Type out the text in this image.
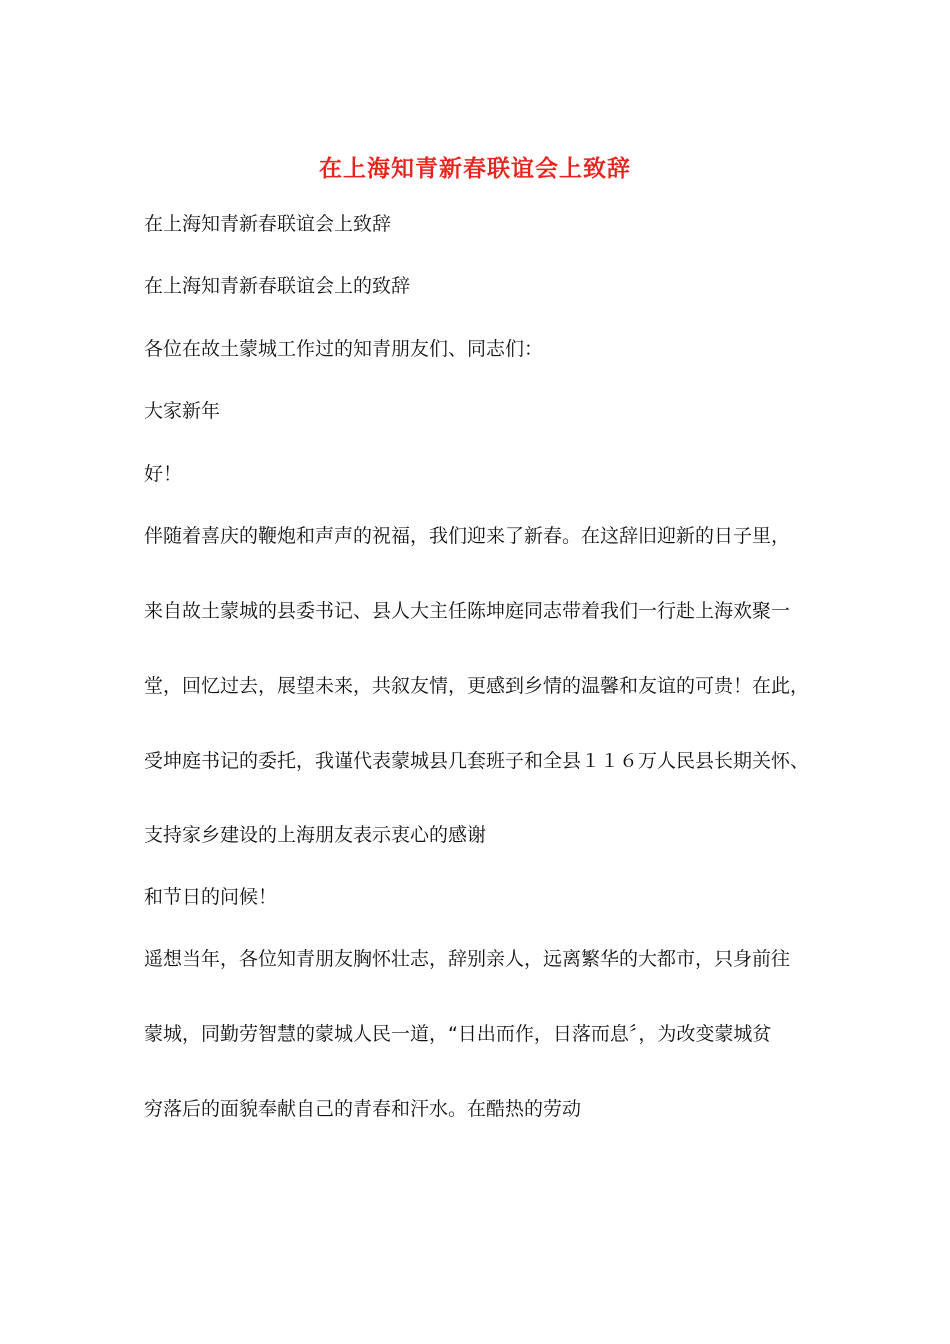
在上海知青新春联谊会上致辞
在上海知青新春联谊会上致辞
在上海知青新春联谊会上的致辞
各位在故土蒙城工作过的知青朋友们、同志们：
大家新年
好！
伴随着喜庆的鞭炮和声声的祝福，我们迎来了新春。在这辞旧迎新的日子里，
来自故土蒙城的县委书记、县人大主任陈坤庭同志带着我们一行赴上海欢聚一
堂，回忆过去，展望未来，共叙友情，更感到乡情的温馨和友谊的可贵！在此，
受坤庭书记的委托，我谨代表蒙城县几套班子和全县１１６万人民县长期关怀、
支持家乡建设的上海朋友表示衷心的感谢
和节日的问候！
遥想当年，各位知青朋友胸怀壮志，辞别亲人，远离繁华的大都市，只身前往
蒙城，同勤劳智慧的蒙城人民一道，“日出而作，日落而息〞，为改变蒙城贫
穷落后的面貌奉献自己的青春和汗水。在酷热的劳动
